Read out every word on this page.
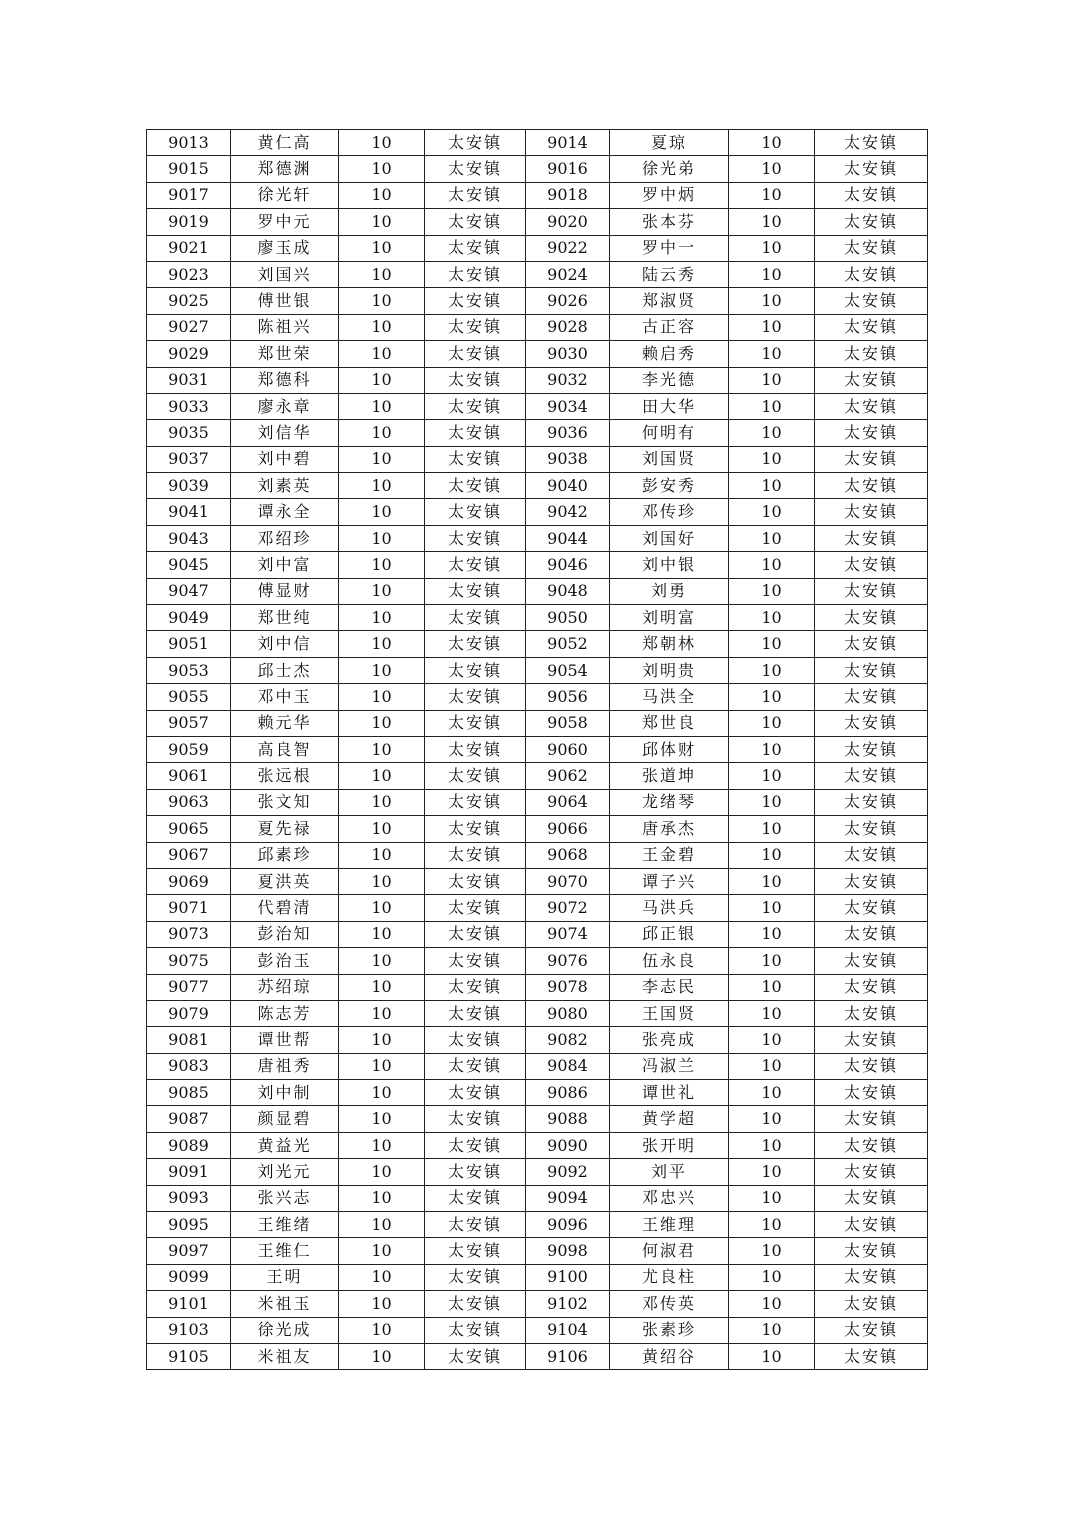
9013	黄仁高	10	太安镇	9014	夏琼	10	太安镇
9015	郑德渊	10	太安镇	9016	徐光弟	10	太安镇
9017	徐光轩	10	太安镇	9018	罗中炳	10	太安镇
9019	罗中元	10	太安镇	9020	张本芬	10	太安镇
9021	廖玉成	10	太安镇	9022	罗中一	10	太安镇
9023	刘国兴	10	太安镇	9024	陆云秀	10	太安镇
9025	傅世银	10	太安镇	9026	郑淑贤	10	太安镇
9027	陈祖兴	10	太安镇	9028	古正容	10	太安镇
9029	郑世荣	10	太安镇	9030	赖启秀	10	太安镇
9031	郑德科	10	太安镇	9032	李光德	10	太安镇
9033	廖永章	10	太安镇	9034	田大华	10	太安镇
9035	刘信华	10	太安镇	9036	何明有	10	太安镇
9037	刘中碧	10	太安镇	9038	刘国贤	10	太安镇
9039	刘素英	10	太安镇	9040	彭安秀	10	太安镇
9041	谭永全	10	太安镇	9042	邓传珍	10	太安镇
9043	邓绍珍	10	太安镇	9044	刘国好	10	太安镇
9045	刘中富	10	太安镇	9046	刘中银	10	太安镇
9047	傅显财	10	太安镇	9048	刘勇	10	太安镇
9049	郑世纯	10	太安镇	9050	刘明富	10	太安镇
9051	刘中信	10	太安镇	9052	郑朝林	10	太安镇
9053	邱士杰	10	太安镇	9054	刘明贵	10	太安镇
9055	邓中玉	10	太安镇	9056	马洪全	10	太安镇
9057	赖元华	10	太安镇	9058	郑世良	10	太安镇
9059	高良智	10	太安镇	9060	邱体财	10	太安镇
9061	张远根	10	太安镇	9062	张道坤	10	太安镇
9063	张文知	10	太安镇	9064	龙绪琴	10	太安镇
9065	夏先禄	10	太安镇	9066	唐承杰	10	太安镇
9067	邱素珍	10	太安镇	9068	王金碧	10	太安镇
9069	夏洪英	10	太安镇	9070	谭子兴	10	太安镇
9071	代碧清	10	太安镇	9072	马洪兵	10	太安镇
9073	彭治知	10	太安镇	9074	邱正银	10	太安镇
9075	彭治玉	10	太安镇	9076	伍永良	10	太安镇
9077	苏绍琼	10	太安镇	9078	李志民	10	太安镇
9079	陈志芳	10	太安镇	9080	王国贤	10	太安镇
9081	谭世帮	10	太安镇	9082	张亮成	10	太安镇
9083	唐祖秀	10	太安镇	9084	冯淑兰	10	太安镇
9085	刘中制	10	太安镇	9086	谭世礼	10	太安镇
9087	颜显碧	10	太安镇	9088	黄学超	10	太安镇
9089	黄益光	10	太安镇	9090	张开明	10	太安镇
9091	刘光元	10	太安镇	9092	刘平	10	太安镇
9093	张兴志	10	太安镇	9094	邓忠兴	10	太安镇
9095	王维绪	10	太安镇	9096	王维理	10	太安镇
9097	王维仁	10	太安镇	9098	何淑君	10	太安镇
9099	王明	10	太安镇	9100	尤良柱	10	太安镇
9101	米祖玉	10	太安镇	9102	邓传英	10	太安镇
9103	徐光成	10	太安镇	9104	张素珍	10	太安镇
9105	米祖友	10	太安镇	9106	黄绍谷	10	太安镇
